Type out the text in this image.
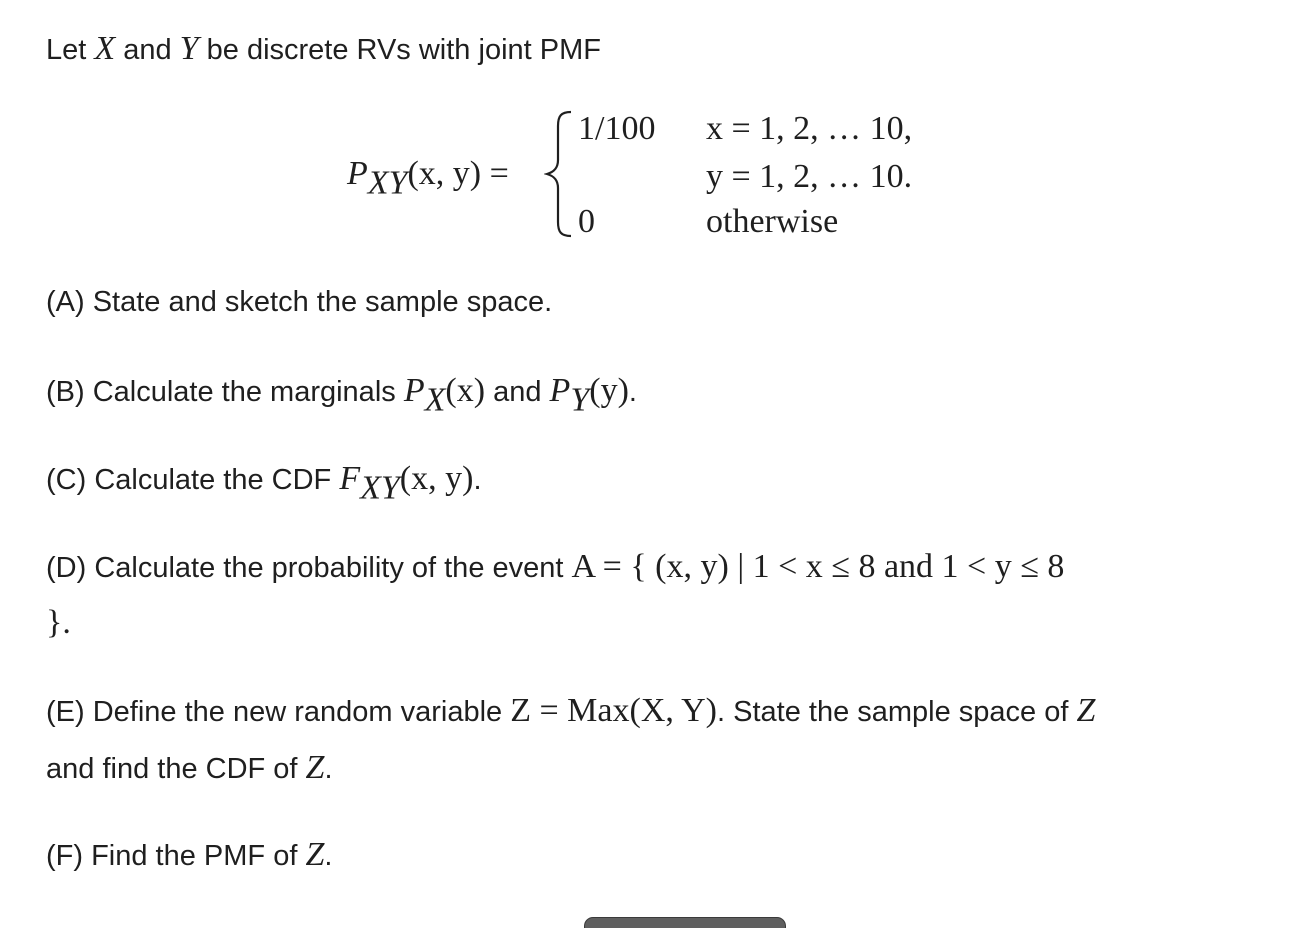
Let X and Y be discrete RVs with joint PMF
$P_{XY}(x$, y) =
1/100 x = 1, 2, … 10,
y = 1, 2, … 10.
0	otherwise
(A) State and sketch the sample space.
(B) Calculate the marginals $P_X(x)$ and $P_Y(y)$.
(C) Calculate the CDF $F_{XY}(x$, y).
(D) Calculate the probability of the event A = { (x, y) | 1 < x ≤ 8 and 1 < y ≤ 8
}.
(E) Define the new random variable Z = Max(X, Y). State the sample space of Z
and find the CDF of Z.
(F) Find the PMF of Z.
